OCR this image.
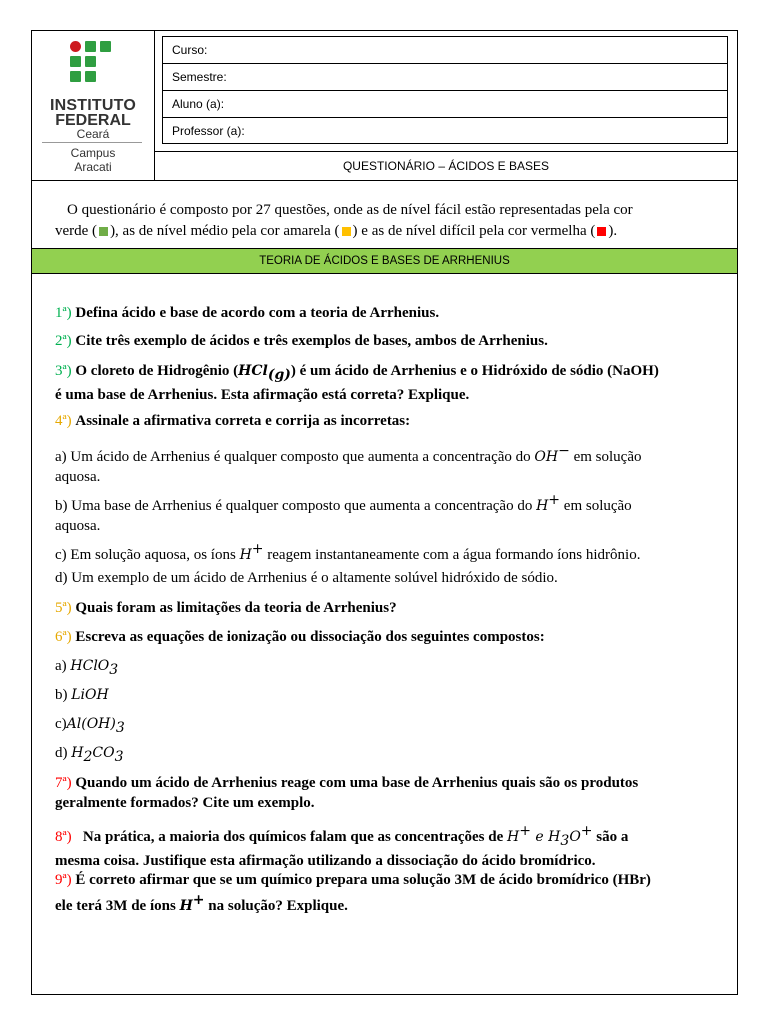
INSTITUTO
FEDERAL
Ceará
Campus
Aracati
Curso:
Semestre:
Aluno (a):
Professor (a):
QUESTIONÁRIO – ÁCIDOS E BASES
O questionário é composto por 27 questões, onde as de nível fácil estão representadas pela cor verde ( ), as de nível médio pela cor amarela ( ) e as de nível difícil pela cor vermelha ( ).
TEORIA DE ÁCIDOS E BASES DE ARRHENIUS
1ª) Defina ácido e base de acordo com a teoria de Arrhenius.
2ª) Cite três exemplo de ácidos e três exemplos de bases, ambos de Arrhenius.
3ª) O cloreto de Hidrogênio (HCl$_{(g)}$) é um ácido de Arrhenius e o Hidróxido de sódio (NaOH)
é uma base de Arrhenius. Esta afirmação está correta? Explique.
4ª) Assinale a afirmativa correta e corrija as incorretas:
a) Um ácido de Arrhenius é qualquer composto que aumenta a concentração do OH− em solução
aquosa.
b) Uma base de Arrhenius é qualquer composto que aumenta a concentração do H+ em solução
aquosa.
c) Em solução aquosa, os íons H+ reagem instantaneamente com a água formando íons hidrônio.
d) Um exemplo de um ácido de Arrhenius é o altamente solúvel hidróxido de sódio.
5ª) Quais foram as limitações da teoria de Arrhenius?
6ª) Escreva as equações de ionização ou dissociação dos seguintes compostos:
a) HClO$_3$
b) LiOH
$c)Al(OH)_3$
d) $H_2CO_3$
7ª) Quando um ácido de Arrhenius reage com uma base de Arrhenius quais são os produtos
geralmente formados? Cite um exemplo.
8ª) Na prática, a maioria dos químicos falam que as concentrações de H+ e $H_3O^+$ são a
mesma coisa. Justifique esta afirmação utilizando a dissociação do ácido bromídrico.
9ª) É correto afirmar que se um químico prepara uma solução 3M de ácido bromídrico (HBr)
ele terá 3M de íons H+ na solução? Explique.
